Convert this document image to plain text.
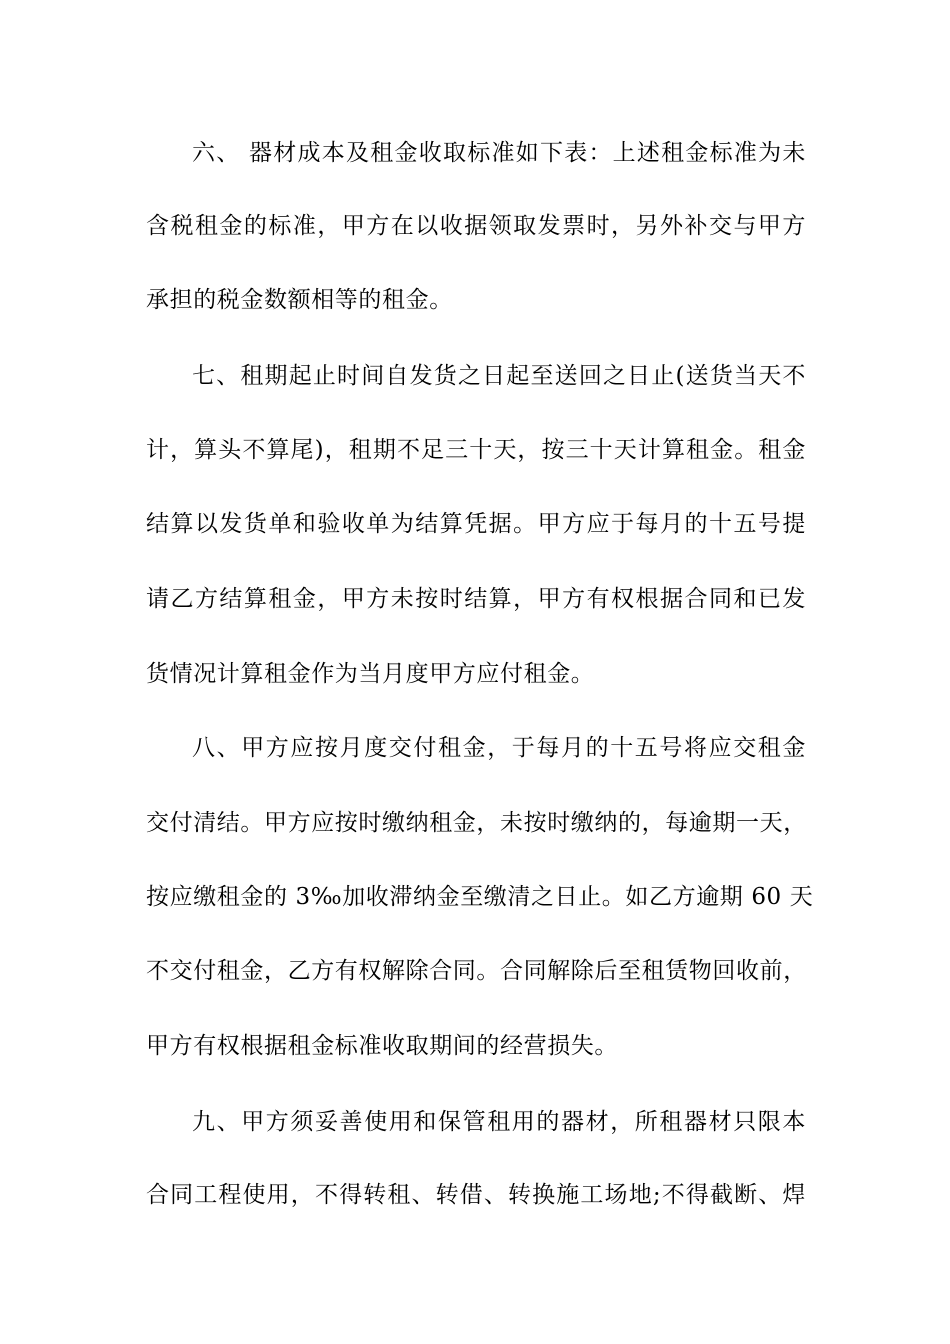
六、 器材成本及租金收取标准如下表：上述租金标准为未
含税租金的标准，甲方在以收据领取发票时，另外补交与甲方
承担的税金数额相等的租金。
七、租期起止时间自发货之日起至送回之日止(送货当天不
计，算头不算尾)，租期不足三十天，按三十天计算租金。租金
结算以发货单和验收单为结算凭据。甲方应于每月的十五号提
请乙方结算租金，甲方未按时结算，甲方有权根据合同和已发
货情况计算租金作为当月度甲方应付租金。
八、甲方应按月度交付租金，于每月的十五号将应交租金
交付清结。甲方应按时缴纳租金，未按时缴纳的，每逾期一天，
按应缴租金的 3‰加收滞纳金至缴清之日止。如乙方逾期 60 天
不交付租金，乙方有权解除合同。合同解除后至租赁物回收前，
甲方有权根据租金标准收取期间的经营损失。
九、甲方须妥善使用和保管租用的器材，所租器材只限本
合同工程使用，不得转租、转借、转换施工场地;不得截断、焊
